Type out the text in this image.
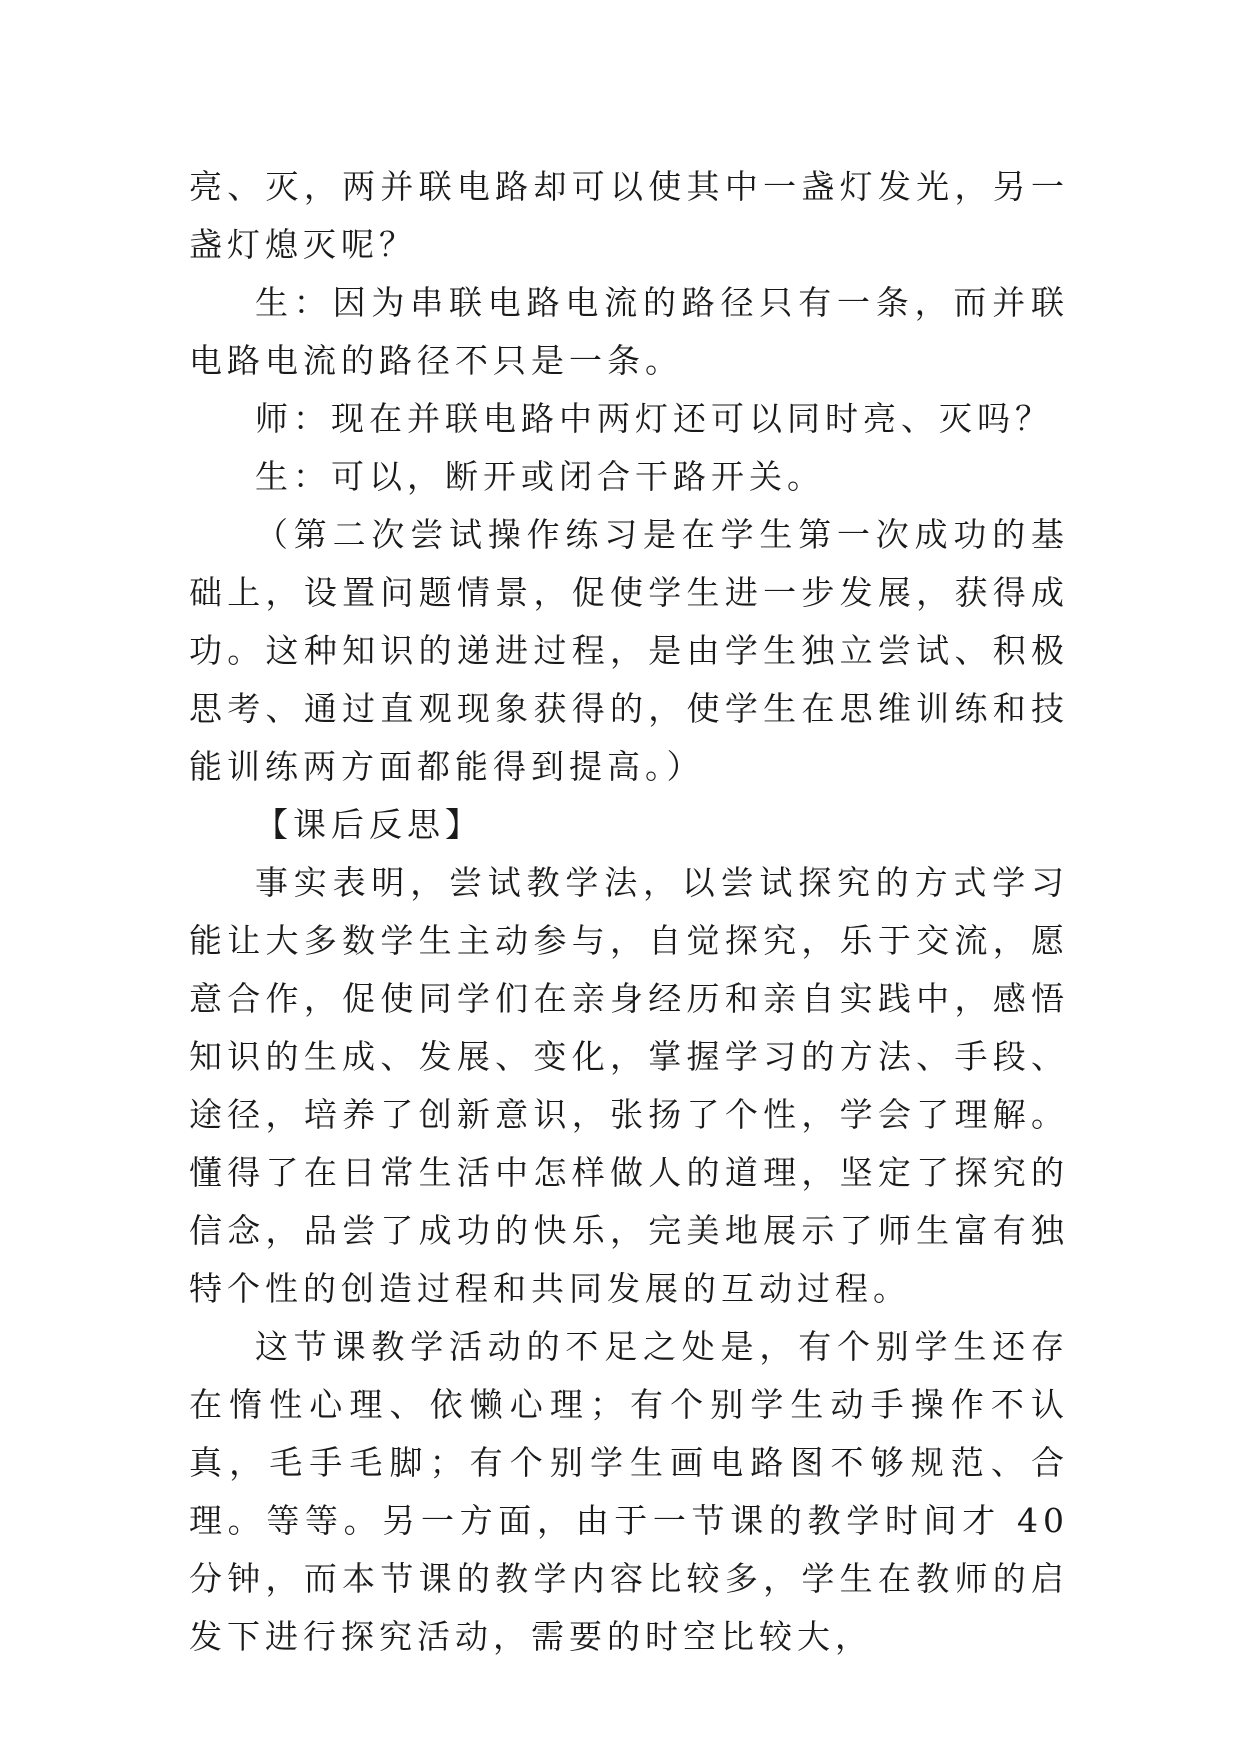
亮、灭，两并联电路却可以使其中一盏灯发光，另一盏灯熄灭呢？

生：因为串联电路电流的路径只有一条，而并联电路电流的路径不只是一条。

师：现在并联电路中两灯还可以同时亮、灭吗？

生：可以，断开或闭合干路开关。

（第二次尝试操作练习是在学生第一次成功的基础上，设置问题情景，促使学生进一步发展，获得成功。这种知识的递进过程，是由学生独立尝试、积极思考、通过直观现象获得的，使学生在思维训练和技能训练两方面都能得到提高。）

【课后反思】

事实表明，尝试教学法，以尝试探究的方式学习能让大多数学生主动参与，自觉探究，乐于交流，愿意合作，促使同学们在亲身经历和亲自实践中，感悟知识的生成、发展、变化，掌握学习的方法、手段、途径，培养了创新意识，张扬了个性，学会了理解。懂得了在日常生活中怎样做人的道理，坚定了探究的信念，品尝了成功的快乐，完美地展示了师生富有独特个性的创造过程和共同发展的互动过程。

这节课教学活动的不足之处是，有个别学生还存在惰性心理、依懒心理；有个别学生动手操作不认真，毛手毛脚；有个别学生画电路图不够规范、合理。等等。另一方面，由于一节课的教学时间才 40 分钟，而本节课的教学内容比较多，学生在教师的启发下进行探究活动，需要的时空比较大，
